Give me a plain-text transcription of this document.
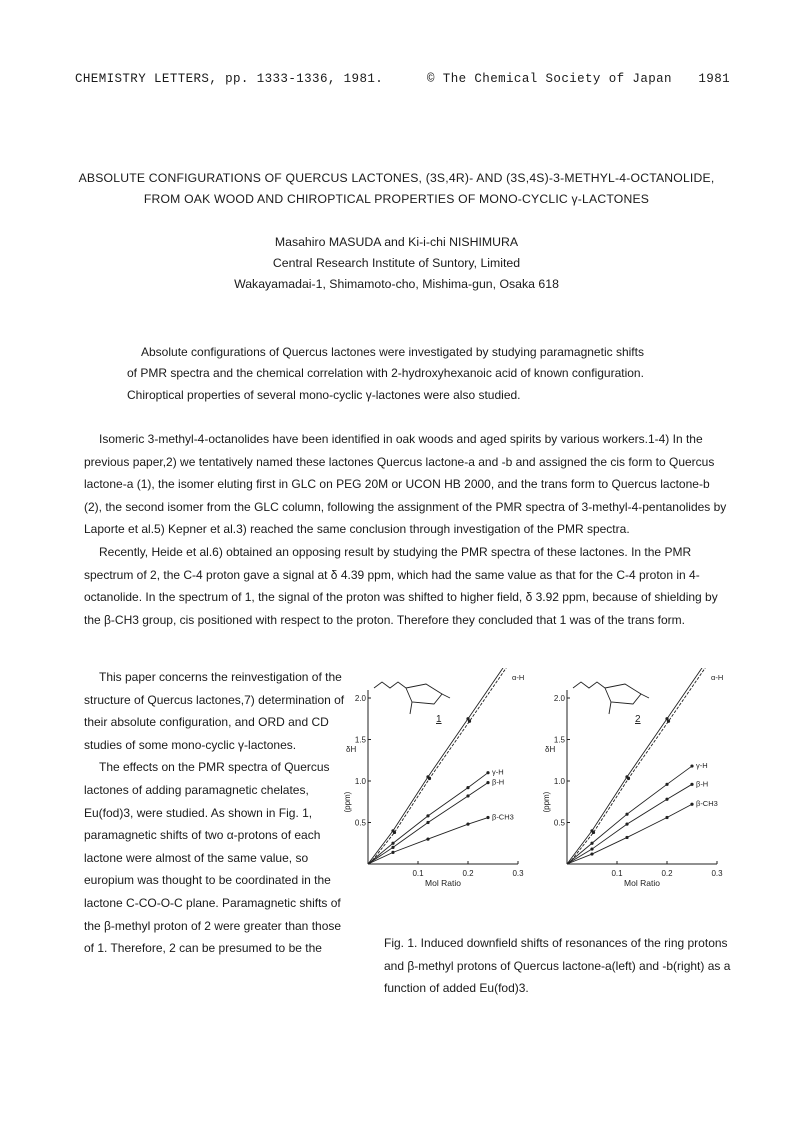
CHEMISTRY LETTERS, pp. 1333-1336, 1981.	© The Chemical Society of Japan 1981
ABSOLUTE CONFIGURATIONS OF QUERCUS LACTONES, (3S,4R)- AND (3S,4S)-3-METHYL-4-OCTANOLIDE,
FROM OAK WOOD AND CHIROPTICAL PROPERTIES OF MONO-CYCLIC γ-LACTONES
Masahiro MASUDA and Ki-i-chi NISHIMURA
Central Research Institute of Suntory, Limited
Wakayamadai-1, Shimamoto-cho, Mishima-gun, Osaka 618
Absolute configurations of Quercus lactones were investigated by studying paramagnetic shifts
of PMR spectra and the chemical correlation with 2-hydroxyhexanoic acid of known configuration.
Chiroptical properties of several mono-cyclic γ-lactones were also studied.

Isomeric 3-methyl-4-octanolides have been identified in oak woods and aged spirits by various workers.1-4) In the previous paper,2) we tentatively named these lactones Quercus lactone-a and -b and assigned the cis form to Quercus lactone-a (1), the isomer eluting first in GLC on PEG 20M or UCON HB 2000, and the trans form to Quercus lactone-b (2), the second isomer from the GLC column, following the assignment of the PMR spectra of 3-methyl-4-pentanolides by Laporte et al.5) Kepner et al.3) reached the same conclusion through investigation of the PMR spectra.

Recently, Heide et al.6) obtained an opposing result by studying the PMR spectra of these lactones. In the PMR spectrum of 2, the C-4 proton gave a signal at δ 4.39 ppm, which had the same value as that for the C-4 proton in 4-octanolide. In the spectrum of 1, the signal of the proton was shifted to higher field, δ 3.92 ppm, because of shielding by the β-CH3 group, cis positioned with respect to the proton. Therefore they concluded that 1 was of the trans form.

This paper concerns the reinvestigation of the structure of Quercus lactones,7) determination of their absolute configuration, and ORD and CD studies of some mono-cyclic γ-lactones.

The effects on the PMR spectra of Quercus lactones of adding paramagnetic chelates, Eu(fod)3, were studied. As shown in Fig. 1, paramagnetic shifts of two α-protons of each lactone were almost of the same value, so europium was thought to be coordinated in the lactone C-CO-O-C plane. Paramagnetic shifts of the β-methyl proton of 2 were greater than those of 1. Therefore, 2 can be presumed to be the

0.1	0.2	0.3
0.5
1.0
1.5
2.0
Mol Ratio
δH
(ppm)
α-H
γ-H
β-H
β-CH3
1
0.1	0.2	0.3
0.5
1.0
1.5
2.0
Mol Ratio
δH
(ppm)
α-H
γ-H
β-H
β-CH3
2
Fig. 1. Induced downfield shifts of resonances of the ring protons and β-methyl protons of Quercus lactone-a(left) and -b(right) as a function of added Eu(fod)3.
